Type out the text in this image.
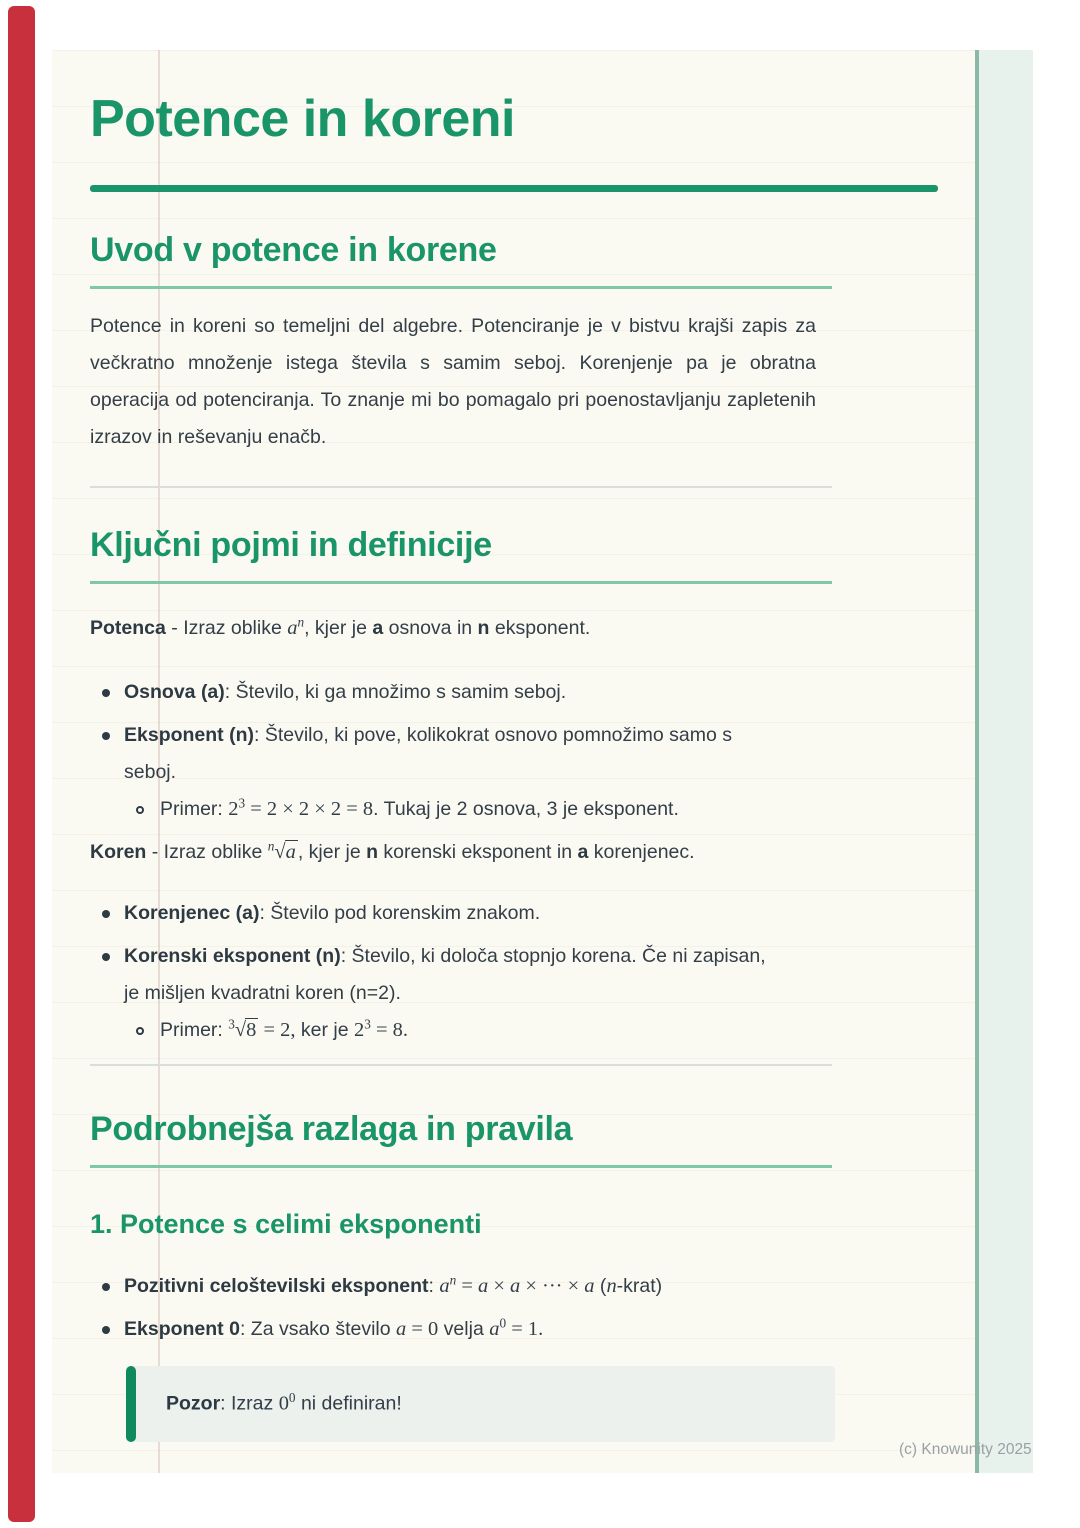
Potence in koreni
Uvod v potence in korene

Potence in koreni so temeljni del algebre. Potenciranje je v bistvu krajši zapis za večkratno množenje istega števila s samim seboj. Korenjenje pa je obratna operacija od potenciranja. To znanje mi bo pomagalo pri poenostavljanju zapletenih izrazov in reševanju enačb.

Ključni pojmi in definicije

Potenca - Izraz oblike $a^n$, kjer je a osnova in n eksponent.

Osnova (a): Število, ki ga množimo s samim seboj.
Eksponent (n): Število, ki pove, kolikokrat osnovo pomnožimo samo s seboj.
Primer: $2^3 = 2 \times 2 \times 2 = 8$. Tukaj je 2 osnova, 3 je eksponent.

Koren - Izraz oblike $^n$√a , kjer je n korenski eksponent in a korenjenec.

Korenjenec (a): Število pod korenskim znakom.
Korenski eksponent (n): Število, ki določa stopnjo korena. Če ni zapisan, je mišljen kvadratni koren (n=2).
Primer: $^3$√8 = 2, ker je $2^3 = 8$.
Podrobnejša razlaga in pravila
1. Potence s celimi eksponenti
Pozitivni celoštevilski eksponent: $a^n = a \times a$ × ··· × a (n-krat)
Eksponent 0: Za vsako število a = 0 velja $a^0 = 1$.

Pozor: Izraz $0^0$ ni definiran!

(c) Knowunity 2025
